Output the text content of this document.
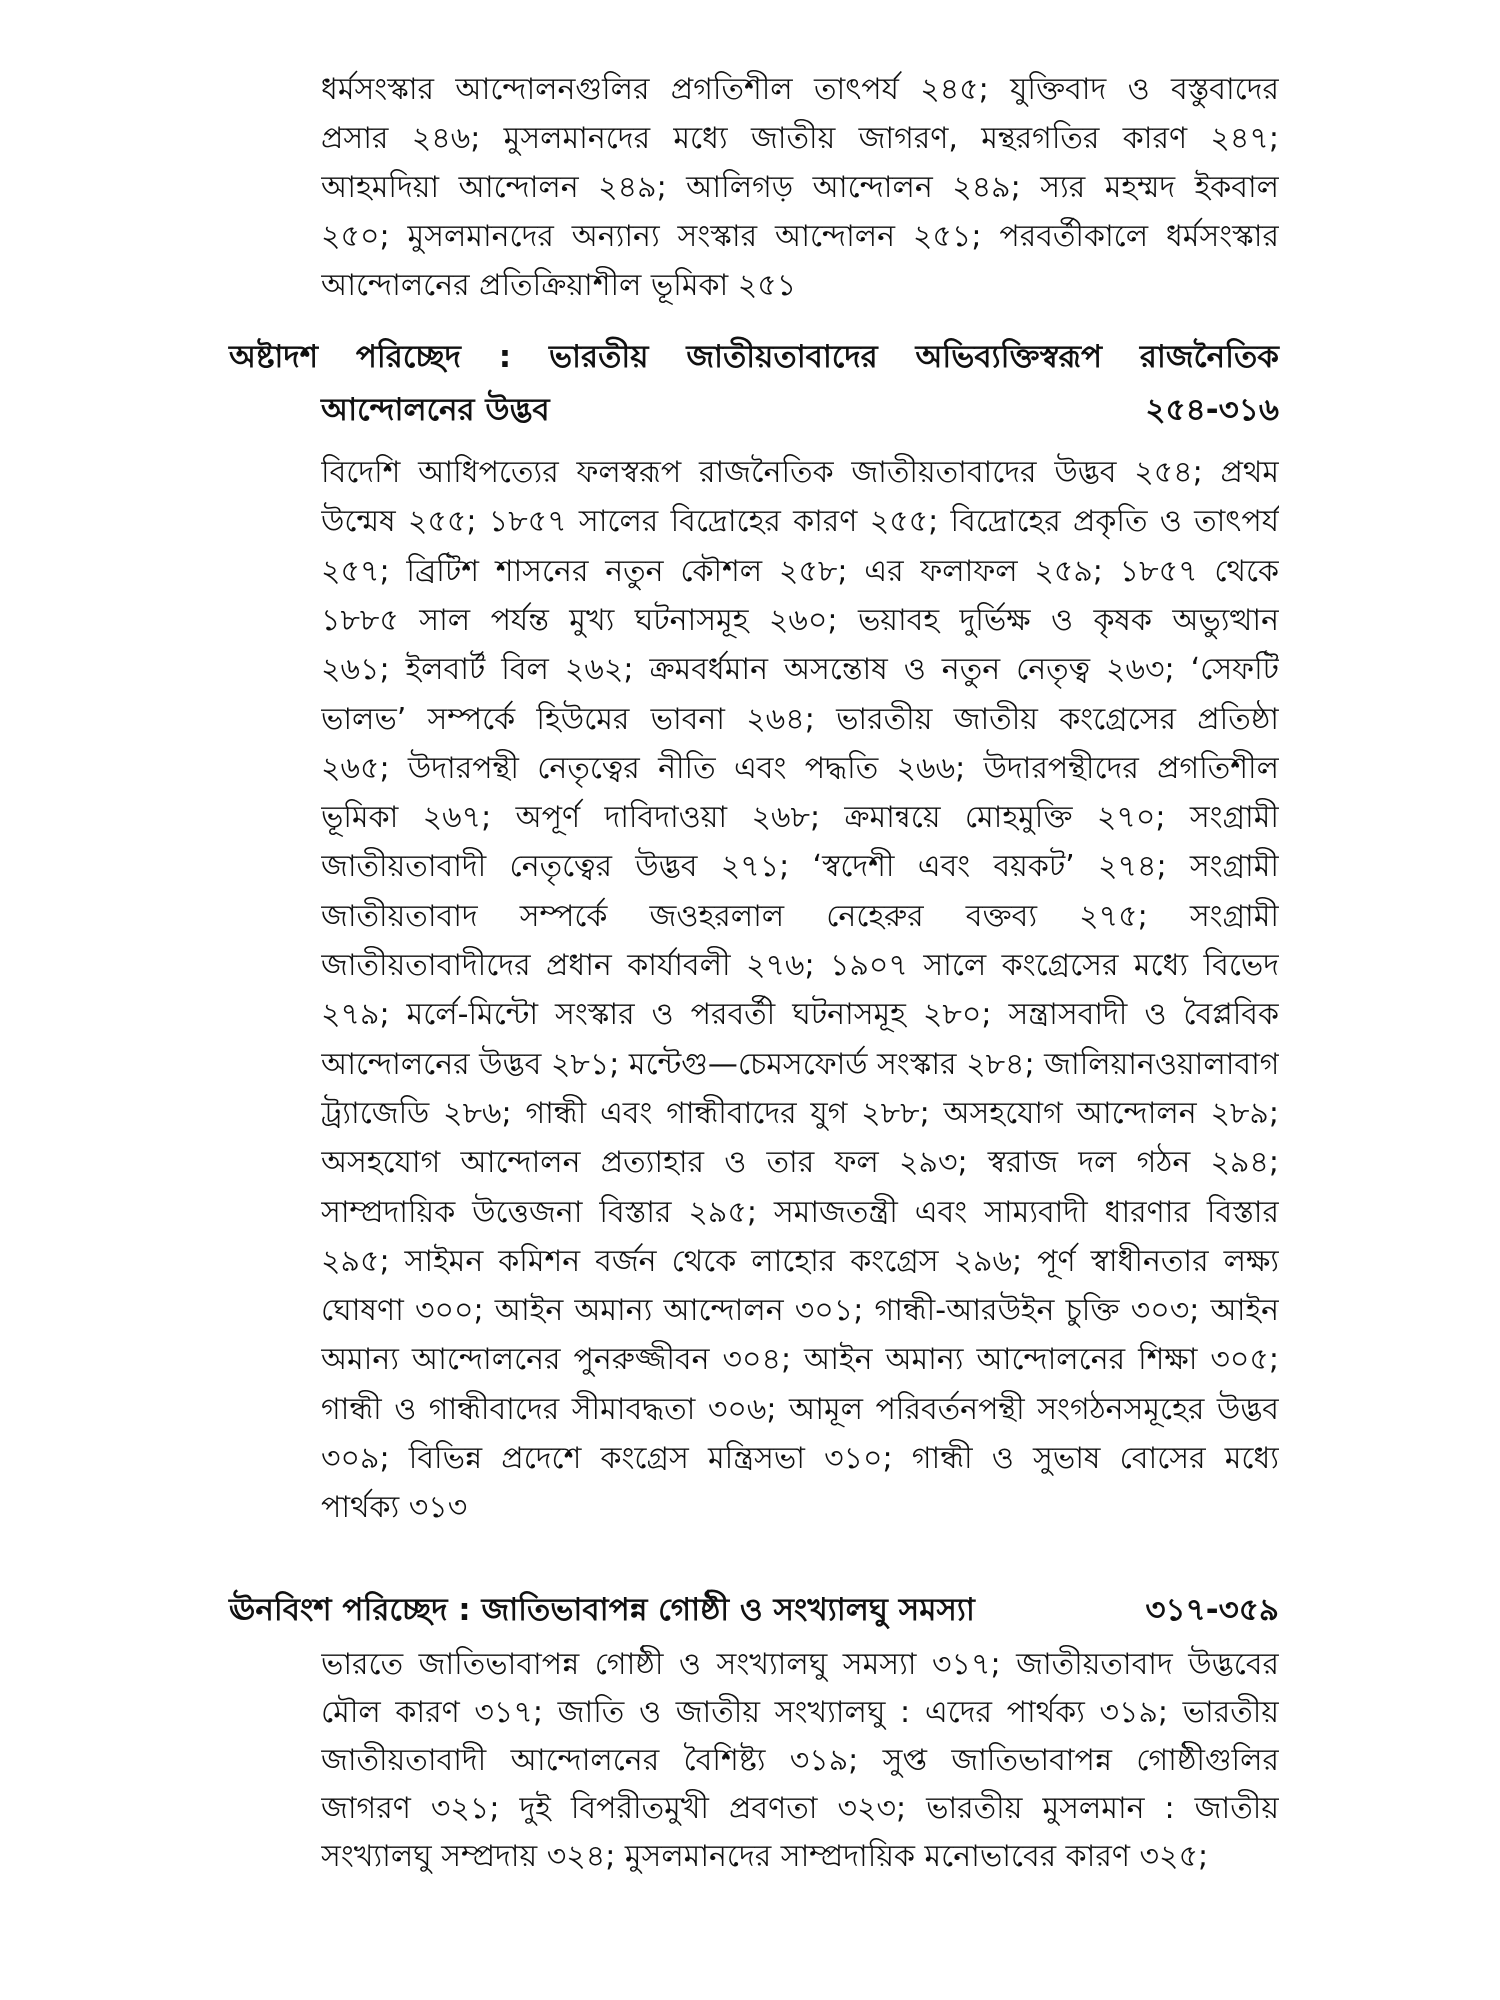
ধর্মসংস্কার আন্দোলনগুলির প্রগতিশীল তাৎপর্য ২৪৫; যুক্তিবাদ ও বস্তুবাদের
প্রসার ২৪৬; মুসলমানদের মধ্যে জাতীয় জাগরণ, মন্থরগতির কারণ ২৪৭;
আহমদিয়া আন্দোলন ২৪৯; আলিগড় আন্দোলন ২৪৯; স্যর মহম্মদ ইকবাল
২৫০; মুসলমানদের অন্যান্য সংস্কার আন্দোলন ২৫১; পরবর্তীকালে ধর্মসংস্কার
আন্দোলনের প্রতিক্রিয়াশীল ভূমিকা ২৫১
অষ্টাদশ পরিচ্ছেদ : ভারতীয় জাতীয়তাবাদের অভিব্যক্তিস্বরূপ রাজনৈতিক
আন্দোলনের উদ্ভব	২৫৪-৩১৬
বিদেশি আধিপত্যের ফলস্বরূপ রাজনৈতিক জাতীয়তাবাদের উদ্ভব ২৫৪; প্রথম
উন্মেষ ২৫৫; ১৮৫৭ সালের বিদ্রোহের কারণ ২৫৫; বিদ্রোহের প্রকৃতি ও তাৎপর্য
২৫৭; ব্রিটিশ শাসনের নতুন কৌশল ২৫৮; এর ফলাফল ২৫৯; ১৮৫৭ থেকে
১৮৮৫ সাল পর্যন্ত মুখ্য ঘটনাসমূহ ২৬০; ভয়াবহ দুর্ভিক্ষ ও কৃষক অভ্যুত্থান
২৬১; ইলবার্ট বিল ২৬২; ক্রমবর্ধমান অসন্তোষ ও নতুন নেতৃত্ব ২৬৩; ‘সেফটি
ভালভ’ সম্পর্কে হিউমের ভাবনা ২৬৪; ভারতীয় জাতীয় কংগ্রেসের প্রতিষ্ঠা
২৬৫; উদারপন্থী নেতৃত্বের নীতি এবং পদ্ধতি ২৬৬; উদারপন্থীদের প্রগতিশীল
ভূমিকা ২৬৭; অপূর্ণ দাবিদাওয়া ২৬৮; ক্রমান্বয়ে মোহমুক্তি ২৭০; সংগ্রামী
জাতীয়তাবাদী নেতৃত্বের উদ্ভব ২৭১; ‘স্বদেশী এবং বয়কট’ ২৭৪; সংগ্রামী
জাতীয়তাবাদ সম্পর্কে জওহরলাল নেহেরুর বক্তব্য ২৭৫; সংগ্রামী
জাতীয়তাবাদীদের প্রধান কার্যাবলী ২৭৬; ১৯০৭ সালে কংগ্রেসের মধ্যে বিভেদ
২৭৯; মর্লে-মিন্টো সংস্কার ও পরবর্তী ঘটনাসমূহ ২৮০; সন্ত্রাসবাদী ও বৈপ্লবিক
আন্দোলনের উদ্ভব ২৮১; মন্টেগু—চেমসফোর্ড সংস্কার ২৮৪; জালিয়ানওয়ালাবাগ
ট্র্যাজেডি ২৮৬; গান্ধী এবং গান্ধীবাদের যুগ ২৮৮; অসহযোগ আন্দোলন ২৮৯;
অসহযোগ আন্দোলন প্রত্যাহার ও তার ফল ২৯৩; স্বরাজ দল গঠন ২৯৪;
সাম্প্রদায়িক উত্তেজনা বিস্তার ২৯৫; সমাজতন্ত্রী এবং সাম্যবাদী ধারণার বিস্তার
২৯৫; সাইমন কমিশন বর্জন থেকে লাহোর কংগ্রেস ২৯৬; পূর্ণ স্বাধীনতার লক্ষ্য
ঘোষণা ৩০০; আইন অমান্য আন্দোলন ৩০১; গান্ধী-আরউইন চুক্তি ৩০৩; আইন
অমান্য আন্দোলনের পুনরুজ্জীবন ৩০৪; আইন অমান্য আন্দোলনের শিক্ষা ৩০৫;
গান্ধী ও গান্ধীবাদের সীমাবদ্ধতা ৩০৬; আমূল পরিবর্তনপন্থী সংগঠনসমূহের উদ্ভব
৩০৯; বিভিন্ন প্রদেশে কংগ্রেস মন্ত্রিসভা ৩১০; গান্ধী ও সুভাষ বোসের মধ্যে
পার্থক্য ৩১৩
ঊনবিংশ পরিচ্ছেদ : জাতিভাবাপন্ন গোষ্ঠী ও সংখ্যালঘু সমস্যা	৩১৭-৩৫৯
ভারতে জাতিভাবাপন্ন গোষ্ঠী ও সংখ্যালঘু সমস্যা ৩১৭; জাতীয়তাবাদ উদ্ভবের
মৌল কারণ ৩১৭; জাতি ও জাতীয় সংখ্যালঘু : এদের পার্থক্য ৩১৯; ভারতীয়
জাতীয়তাবাদী আন্দোলনের বৈশিষ্ট্য ৩১৯; সুপ্ত জাতিভাবাপন্ন গোষ্ঠীগুলির
জাগরণ ৩২১; দুই বিপরীতমুখী প্রবণতা ৩২৩; ভারতীয় মুসলমান : জাতীয়
সংখ্যালঘু সম্প্রদায় ৩২৪; মুসলমানদের সাম্প্রদায়িক মনোভাবের কারণ ৩২৫;
